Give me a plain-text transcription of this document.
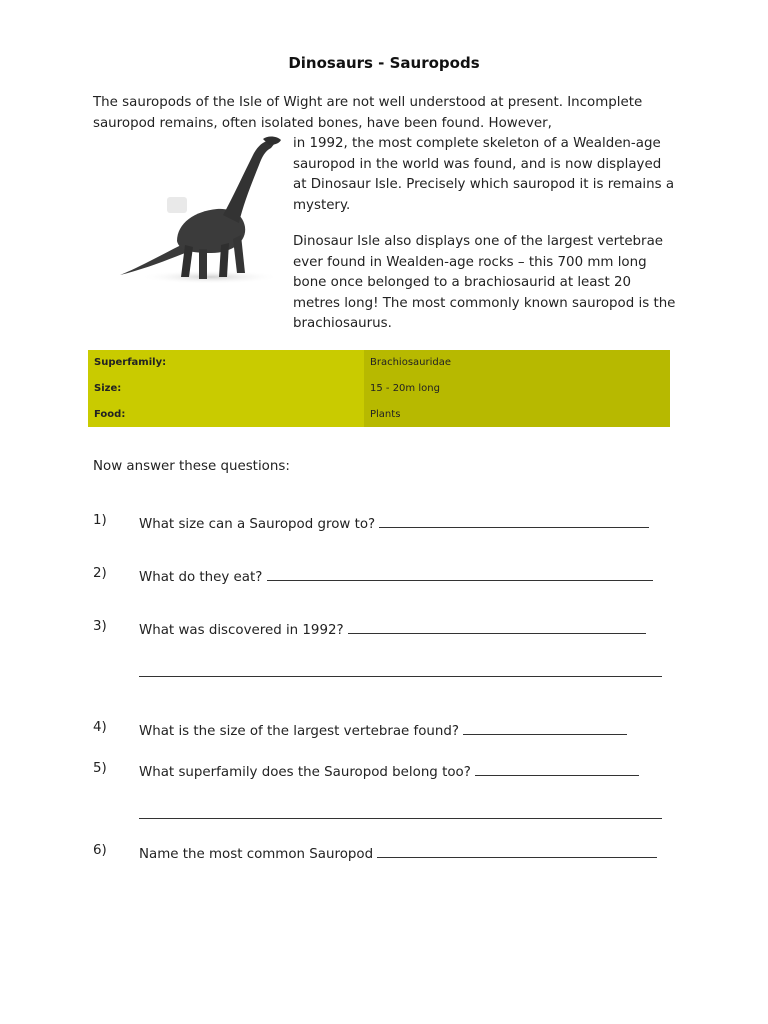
Dinosaurs - Sauropods

The sauropods of the Isle of Wight are not well understood at present. Incomplete sauropod remains, often isolated bones, have been found. However,

in 1992, the most complete skeleton of a Wealden-age sauropod in the world was found, and is now displayed at Dinosaur Isle. Precisely which sauropod it is remains a mystery.

Dinosaur Isle also displays one of the largest vertebrae ever found in Wealden-age rocks – this 700 mm long bone once belonged to a brachiosaurid at least 20 metres long! The most commonly known sauropod is the brachiosaurus.

Superfamily:	Brachiosauridae
Size:	15 - 20m long
Food:	Plants

Now answer these questions:

1) What size can a Sauropod grow to?
2) What do they eat?
3) What was discovered in 1992?
4) What is the size of the largest vertebrae found?
5) What superfamily does the Sauropod belong too?
6) Name the most common Sauropod
